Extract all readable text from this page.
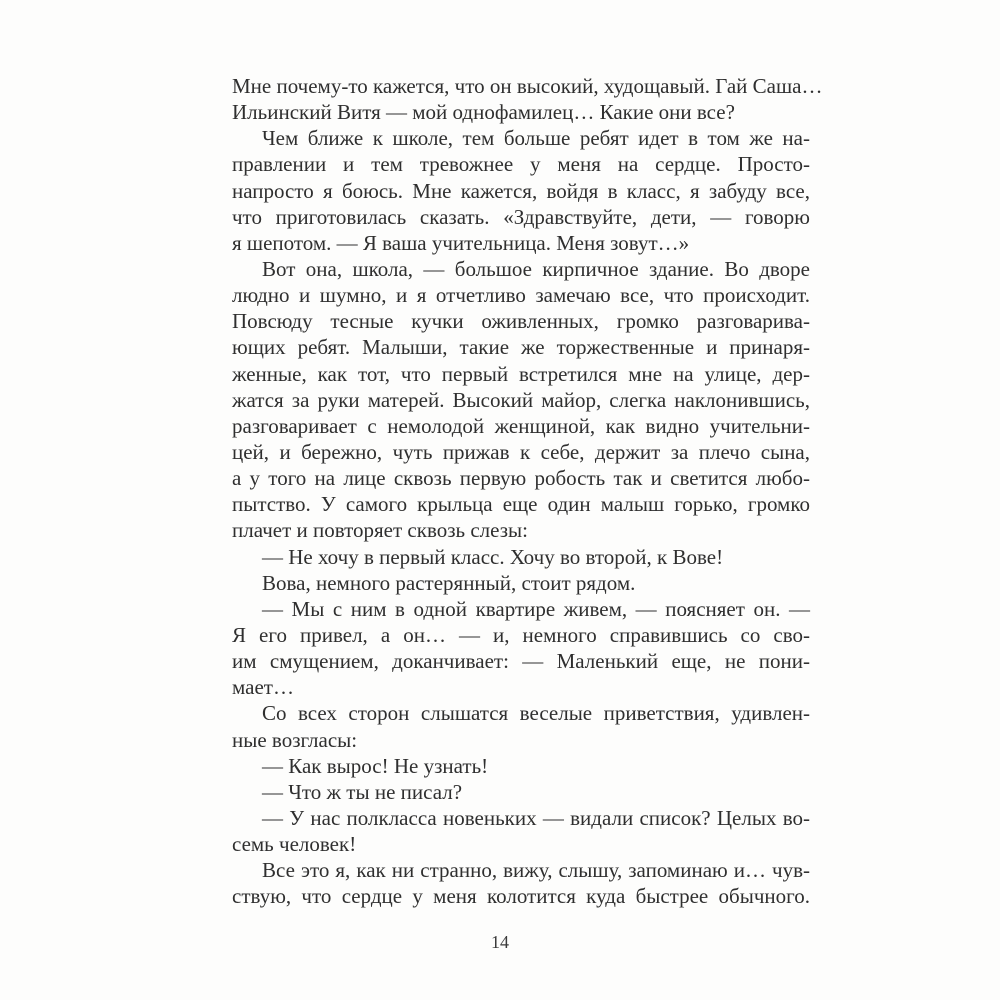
Мне почему-то кажется, что он высокий, худощавый. Гай Саша…
Ильинский Витя — мой однофамилец… Какие они все?
Чем ближе к школе, тем больше ребят идет в том же на-
правлении и тем тревожнее у меня на сердце. Просто-
напросто я боюсь. Мне кажется, войдя в класс, я забуду все,
что приготовилась сказать. «Здравствуйте, дети, — говорю
я шепотом. — Я ваша учительница. Меня зовут…»
Вот она, школа, — большое кирпичное здание. Во дворе
людно и шумно, и я отчетливо замечаю все, что происходит.
Повсюду тесные кучки оживленных, громко разговарива-
ющих ребят. Малыши, такие же торжественные и принаря-
женные, как тот, что первый встретился мне на улице, дер-
жатся за руки матерей. Высокий майор, слегка наклонившись,
разговаривает с немолодой женщиной, как видно учительни-
цей, и бережно, чуть прижав к себе, держит за плечо сына,
а у того на лице сквозь первую робость так и светится любо-
пытство. У самого крыльца еще один малыш горько, громко
плачет и повторяет сквозь слезы:
— Не хочу в первый класс. Хочу во второй, к Вове!
Вова, немного растерянный, стоит рядом.
— Мы с ним в одной квартире живем, — поясняет он. —
Я его привел, а он… — и, немного справившись со сво-
им смущением, доканчивает: — Маленький еще, не пони-
мает…
Со всех сторон слышатся веселые приветствия, удивлен-
ные возгласы:
— Как вырос! Не узнать!
— Что ж ты не писал?
— У нас полкласса новеньких — видали список? Целых во-
семь человек!
Все это я, как ни странно, вижу, слышу, запоминаю и… чув-
ствую, что сердце у меня колотится куда быстрее обычного.
14
